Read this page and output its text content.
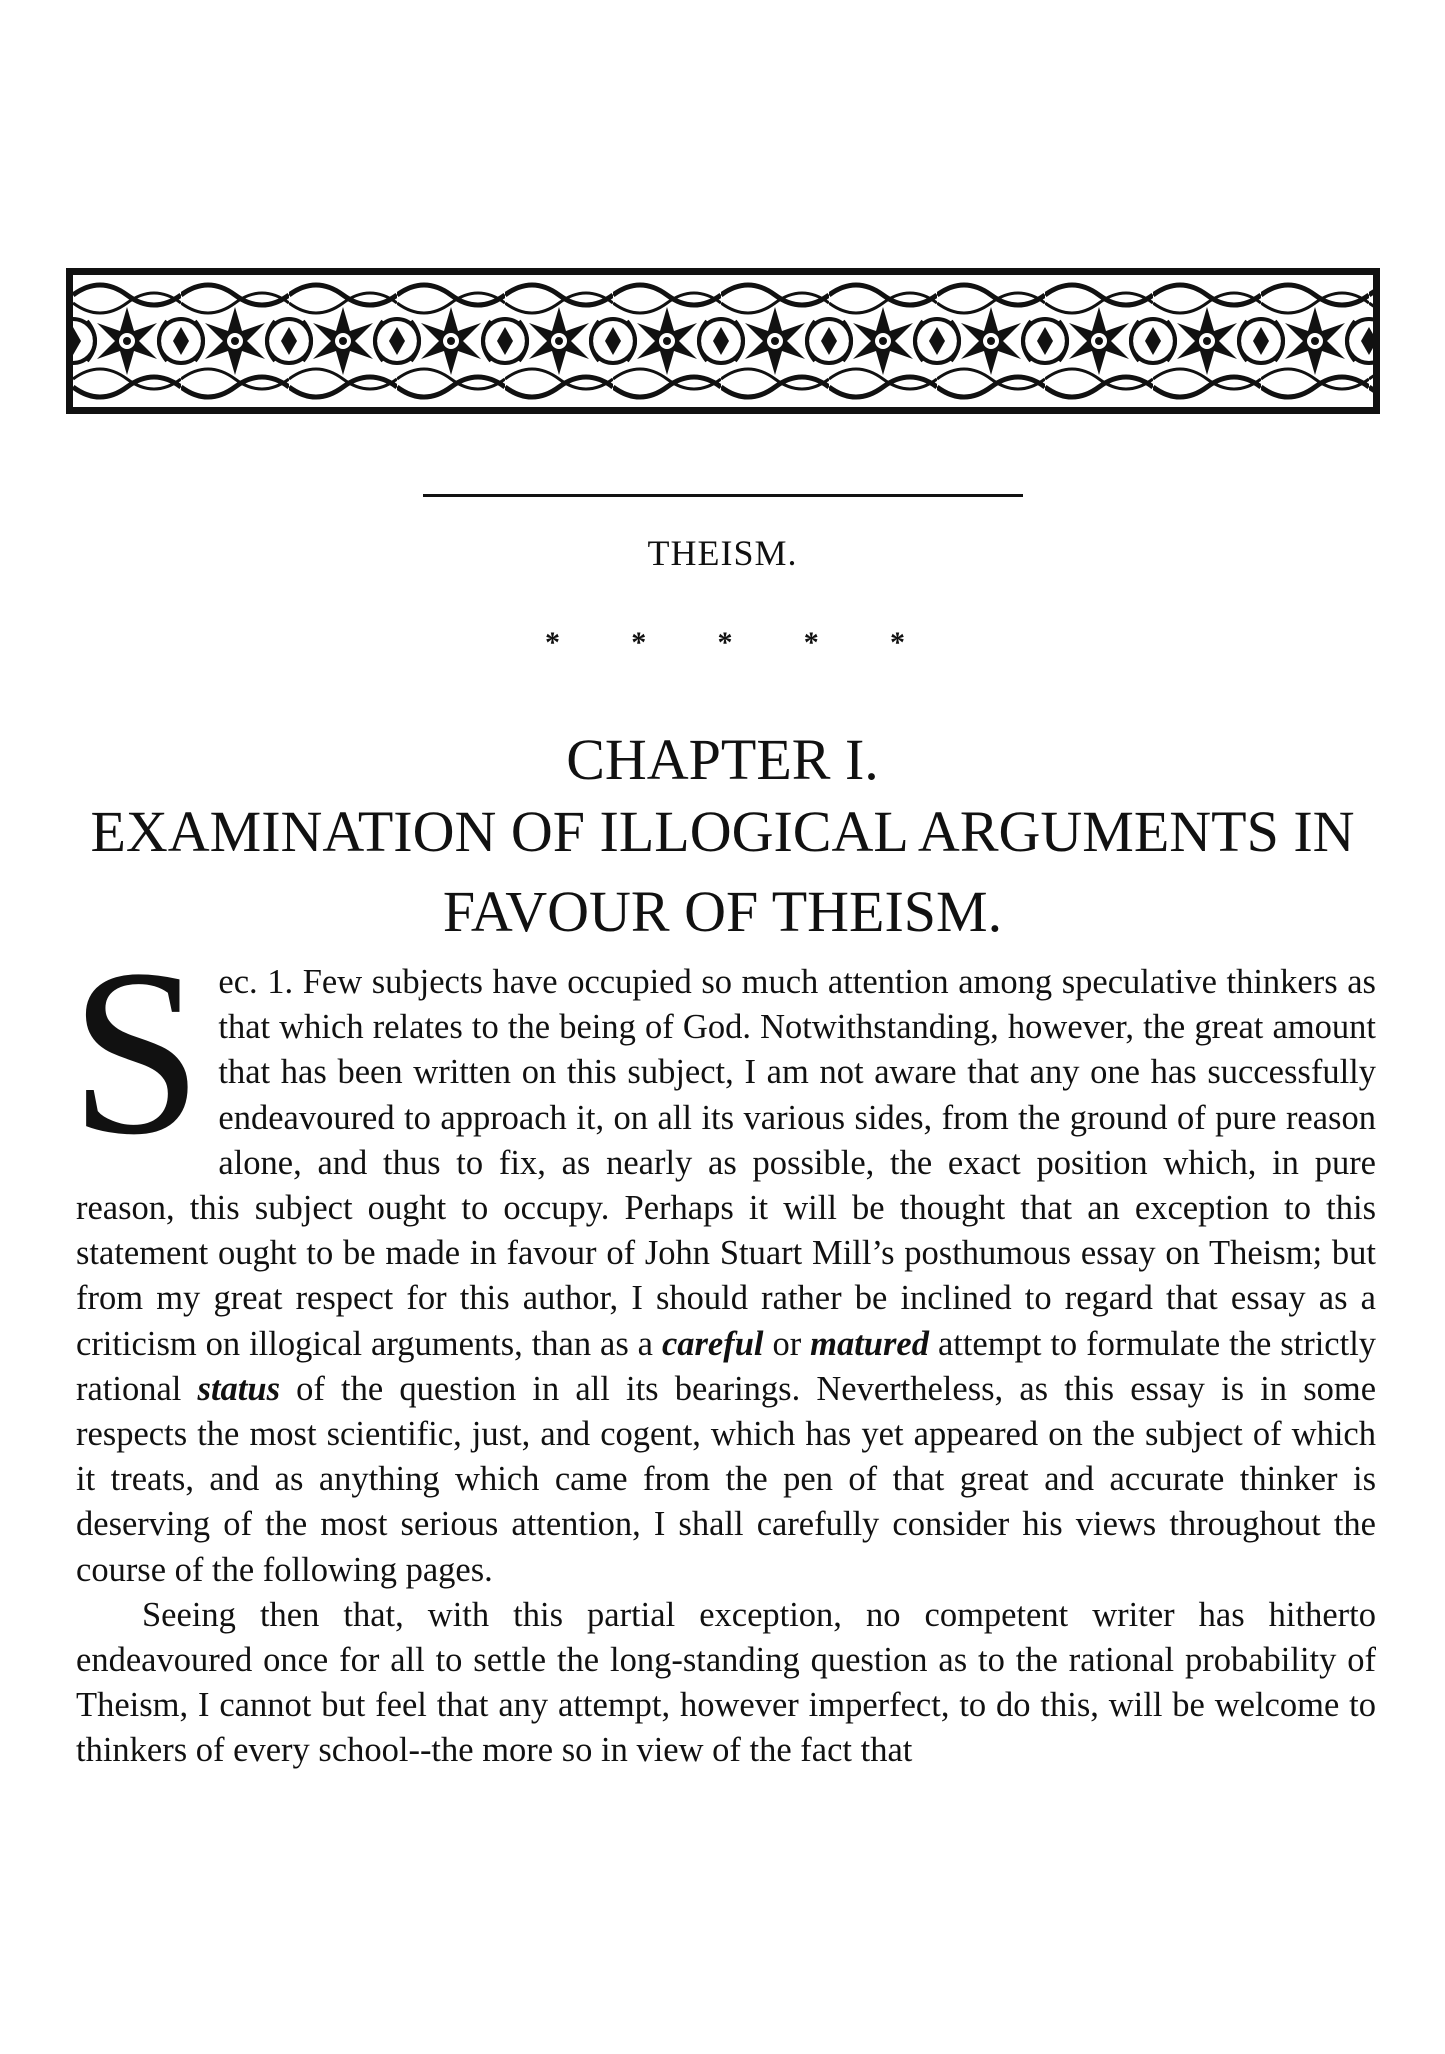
THEISM.
* * * * *
CHAPTER I.
EXAMINATION OF ILLOGICAL ARGUMENTS IN
FAVOUR OF THEISM.

Sec. 1. Few subjects have occupied so much attention among speculative thinkers as that which relates to the being of God. Notwithstanding, however, the great amount that has been written on this subject, I am not aware that any one has successfully endeavoured to approach it, on all its various sides, from the ground of pure reason alone, and thus to fix, as nearly as possible, the exact position which, in pure reason, this subject ought to occupy. Perhaps it will be thought that an exception to this statement ought to be made in favour of John Stuart Mill’s posthumous essay on Theism; but from my great respect for this author, I should rather be inclined to regard that essay as a criticism on illogical arguments, than as a careful or matured attempt to formulate the strictly rational status of the question in all its bearings. Nevertheless, as this essay is in some respects the most scientific, just, and cogent, which has yet appeared on the subject of which it treats, and as anything which came from the pen of that great and accurate thinker is deserving of the most serious attention, I shall carefully consider his views throughout the course of the following pages.

Seeing then that, with this partial exception, no competent writer has hitherto endeavoured once for all to settle the long-standing question as to the rational probability of Theism, I cannot but feel that any attempt, however imperfect, to do this, will be welcome to thinkers of every school--the more so in view of the fact that
